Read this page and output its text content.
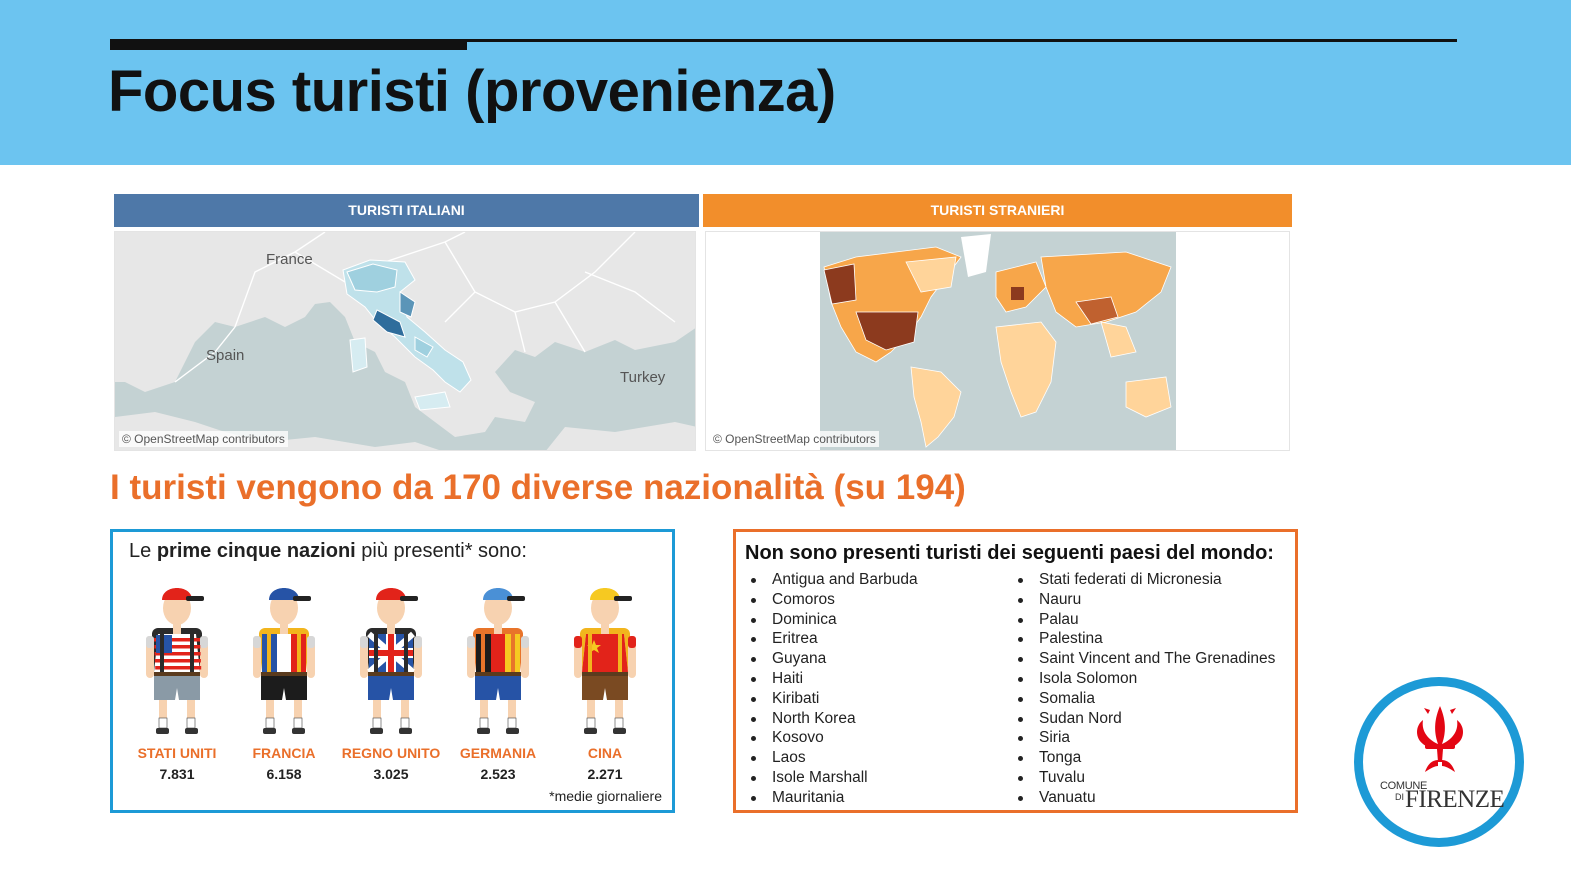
Focus turisti (provenienza)
TURISTI ITALIANI	TURISTI STRANIERI
France
Spain
Turkey
© OpenStreetMap contributors	© OpenStreetMap contributors
I turisti vengono da 170 diverse nazionalità (su 194)
Le prime cinque nazioni più presenti* sono:
STATI UNITI
7.831
FRANCIA
6.158
REGNO UNITO
3.025
GERMANIA
2.523
CINA
2.271
*medie giornaliere
Non sono presenti turisti dei seguenti paesi del mondo:
Antigua and Barbuda
Comoros
Dominica
Eritrea
Guyana
Haiti
Kiribati
North Korea
Kosovo
Laos
Isole Marshall
Mauritania
Stati federati di Micronesia
Nauru
Palau
Palestina
Saint Vincent and The Grenadines
Isola Solomon
Somalia
Sudan Nord
Siria
Tonga
Tuvalu
Vanuatu
COMUNE
DI FIRENZE
